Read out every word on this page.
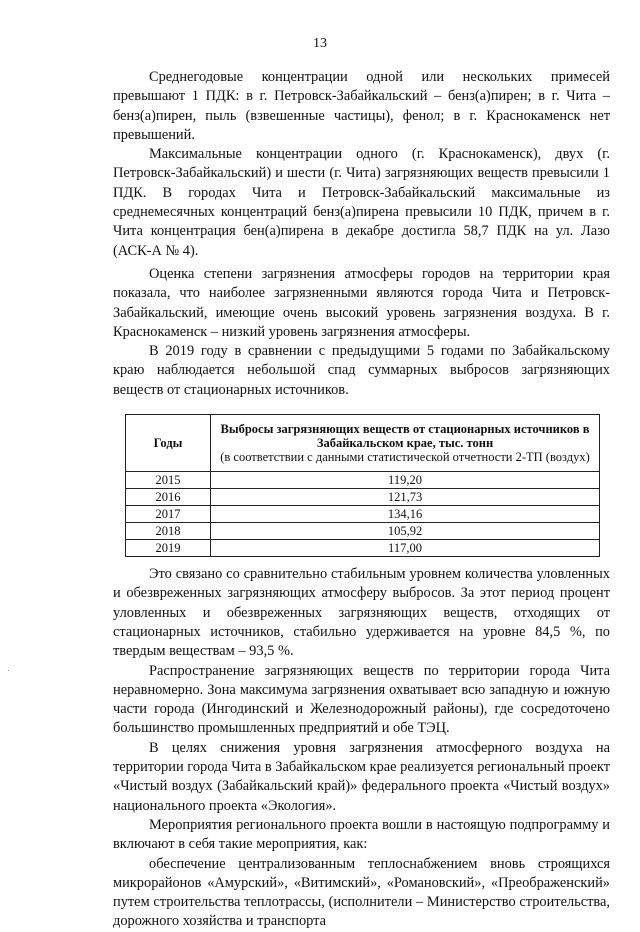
13

Среднегодовые концентрации одной или нескольких примесей превышают 1 ПДК: в г. Петровск-Забайкальский – бенз(а)пирен; в г. Чита – бенз(а)пирен, пыль (взвешенные частицы), фенол; в г. Краснокаменск нет превышений.

Максимальные концентрации одного (г. Краснокаменск), двух (г. Петровск-Забайкальский) и шести (г. Чита) загрязняющих веществ превысили 1 ПДК. В городах Чита и Петровск-Забайкальский максимальные из среднемесячных концентраций бенз(а)пирена превысили 10 ПДК, причем в г. Чита концентрация бен(а)пирена в декабре достигла 58,7 ПДК на ул. Лазо (АСК-А № 4).

Оценка степени загрязнения атмосферы городов на территории края показала, что наиболее загрязненными являются города Чита и Петровск-Забайкальский, имеющие очень высокий уровень загрязнения воздуха. В г. Краснокаменск – низкий уровень загрязнения атмосферы.

В 2019 году в сравнении с предыдущими 5 годами по Забайкальскому краю наблюдается небольшой спад суммарных выбросов загрязняющих веществ от стационарных источников.

Годы	Выбросы загрязняющих веществ от стационарных источников в Забайкальском крае, тыс. тонн
(в соответствии с данными статистической отчетности 2-ТП (воздух)

2015	119,20
2016	121,73
2017	134,16
2018	105,92
2019	117,00

Это связано со сравнительно стабильным уровнем количества уловленных и обезвреженных загрязняющих атмосферу выбросов. За этот период процент уловленных и обезвреженных загрязняющих веществ, отходящих от стационарных источников, стабильно удерживается на уровне 84,5 %, по твердым веществам – 93,5 %.

Распространение загрязняющих веществ по территории города Чита неравномерно. Зона максимума загрязнения охватывает всю западную и южную части города (Ингодинский и Железнодорожный районы), где сосредоточено большинство промышленных предприятий и обе ТЭЦ.

В целях снижения уровня загрязнения атмосферного воздуха на территории города Чита в Забайкальском крае реализуется региональный проект «Чистый воздух (Забайкальский край)» федерального проекта «Чистый воздух» национального проекта «Экология».

Мероприятия регионального проекта вошли в настоящую подпрограмму и включают в себя такие мероприятия, как:

обеспечение централизованным теплоснабжением вновь строящихся микрорайонов «Амурский», «Витимский», «Романовский», «Преображенский» путем строительства теплотрассы, (исполнители – Министерство строительства, дорожного хозяйства и транспорта
